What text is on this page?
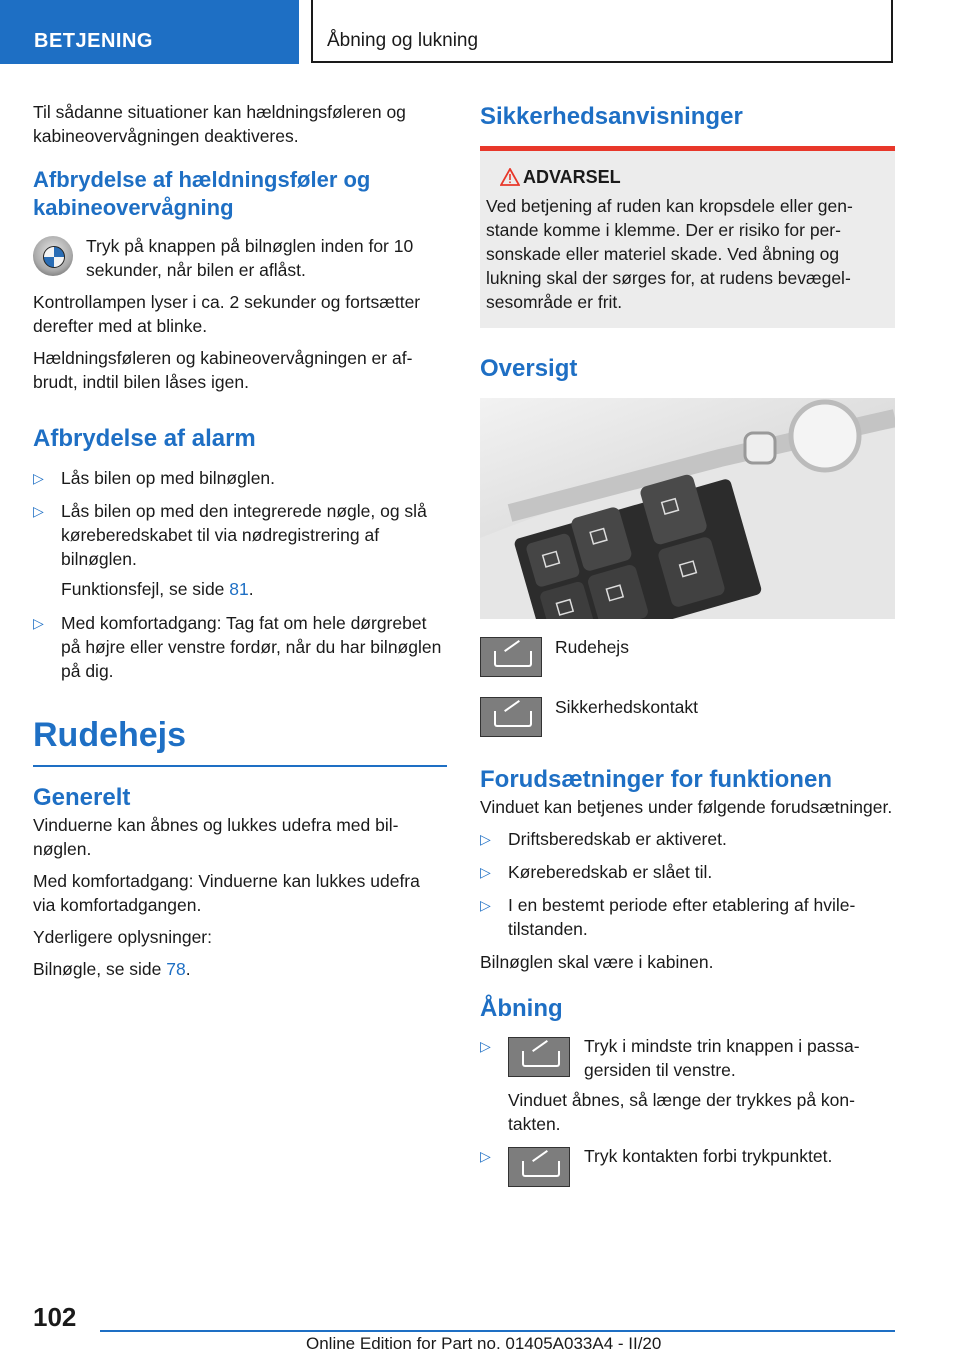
BETJENING	Åbning og lukning

Til sådanne situationer kan hældningsføleren og kabineovervågningen deaktiveres.

Afbrydelse af hældningsføler og kabineovervågning

Tryk på knappen på bilnøglen inden for 10 sekunder, når bilen er aflåst.

Kontrollampen lyser i ca. 2 sekunder og fortsætter derefter med at blinke.

Hældningsføleren og kabineovervågningen er afbrudt, indtil bilen låses igen.

Afbrydelse af alarm
▷ Lås bilen op med bilnøglen.
▷ Lås bilen op med den integrerede nøgle, og slå køreberedskabet til via nødregistrering af bilnøglen.

Funktionsfejl, se side 81.

▷ Med komfortadgang: Tag fat om hele dørgrebet på højre eller venstre fordør, når du har bilnøglen på dig.
Rudehejs
Generelt

Vinduerne kan åbnes og lukkes udefra med bilnøglen.

Med komfortadgang: Vinduerne kan lukkes udefra via komfortadgangen.

Yderligere oplysninger:

Bilnøgle, se side 78.

Sikkerhedsanvisninger
ADVARSEL

Ved betjening af ruden kan kropsdele eller genstande komme i klemme. Der er risiko for personskade eller materiel skade. Ved åbning og lukning skal der sørges for, at rudens bevægelsesområde er frit.

Oversigt
Rudehejs
Sikkerhedskontakt
Forudsætninger for funktionen

Vinduet kan betjenes under følgende forudsætninger.

▷ Driftsberedskab er aktiveret.
▷ Køreberedskab er slået til.
▷ I en bestemt periode efter etablering af hviletilstanden.

Bilnøglen skal være i kabinen.

Åbning
▷	Tryk i mindste trin knappen i passagersiden til venstre.

Vinduet åbnes, så længe der trykkes på kontakten.

▷	Tryk kontakten forbi trykpunktet.
102
Online Edition for Part no. 01405A033A4 - II/20
